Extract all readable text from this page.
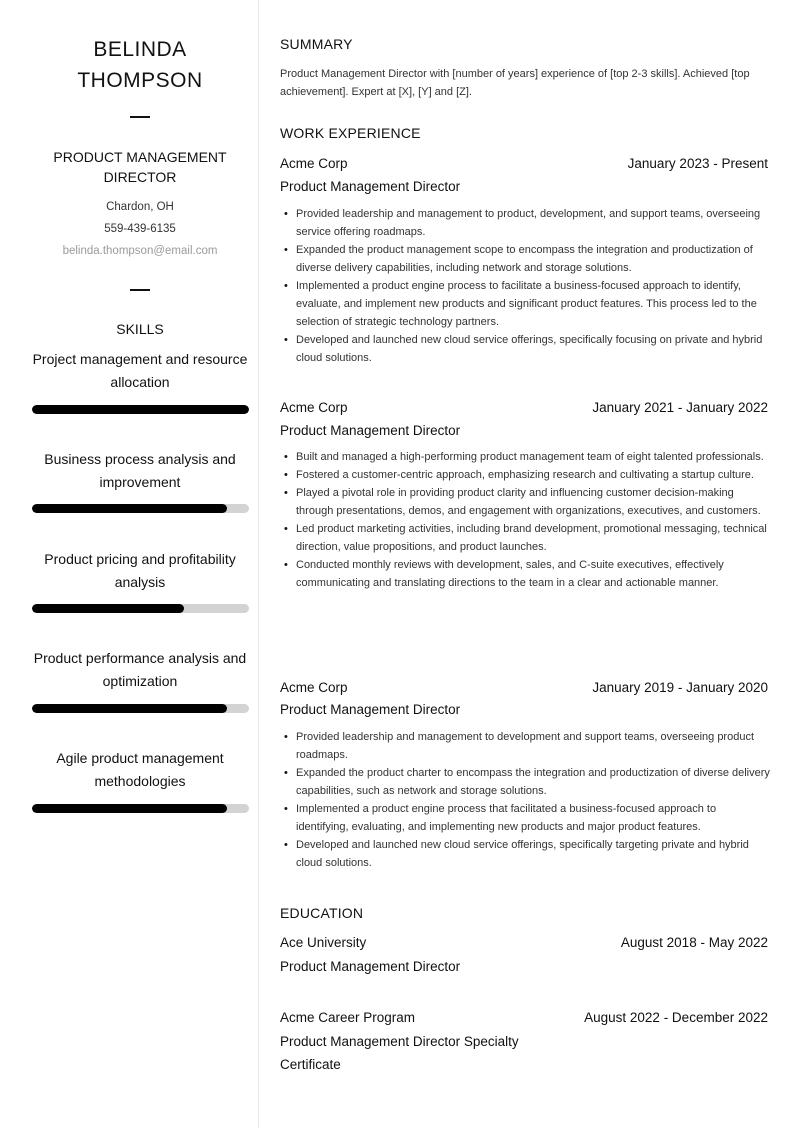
BELINDA
THOMPSON
PRODUCT MANAGEMENT DIRECTOR
Chardon, OH
559-439-6135
belinda.thompson@email.com
SKILLS
Project management and resource allocation
Business process analysis and improvement
Product pricing and profitability analysis
Product performance analysis and optimization
Agile product management methodologies
SUMMARY

Product Management Director with [number of years] experience of [top 2-3 skills]. Achieved [top achievement]. Expert at [X], [Y] and [Z].

WORK EXPERIENCE
Acme Corp	January 2023 - Present
Product Management Director
• Provided leadership and management to product, development, and support teams, overseeing service offering roadmaps.
• Expanded the product management scope to encompass the integration and productization of diverse delivery capabilities, including network and storage solutions.
• Implemented a product engine process to facilitate a business-focused approach to identify, evaluate, and implement new products and significant product features. This process led to the selection of strategic technology partners.
• Developed and launched new cloud service offerings, specifically focusing on private and hybrid cloud solutions.
Acme Corp	January 2021 - January 2022
Product Management Director
• Built and managed a high-performing product management team of eight talented professionals.
• Fostered a customer-centric approach, emphasizing research and cultivating a startup culture.
• Played a pivotal role in providing product clarity and influencing customer decision-making through presentations, demos, and engagement with organizations, executives, and customers.
• Led product marketing activities, including brand development, promotional messaging, technical direction, value propositions, and product launches.
• Conducted monthly reviews with development, sales, and C-suite executives, effectively communicating and translating directions to the team in a clear and actionable manner.
Acme Corp	January 2019 - January 2020
Product Management Director
• Provided leadership and management to development and support teams, overseeing product roadmaps.
• Expanded the product charter to encompass the integration and productization of diverse delivery capabilities, such as network and storage solutions.
• Implemented a product engine process that facilitated a business-focused approach to identifying, evaluating, and implementing new products and major product features.
• Developed and launched new cloud service offerings, specifically targeting private and hybrid cloud solutions.
EDUCATION
Ace University	August 2018 - May 2022
Product Management Director
Acme Career Program	August 2022 - December 2022
Product Management Director Specialty Certificate
